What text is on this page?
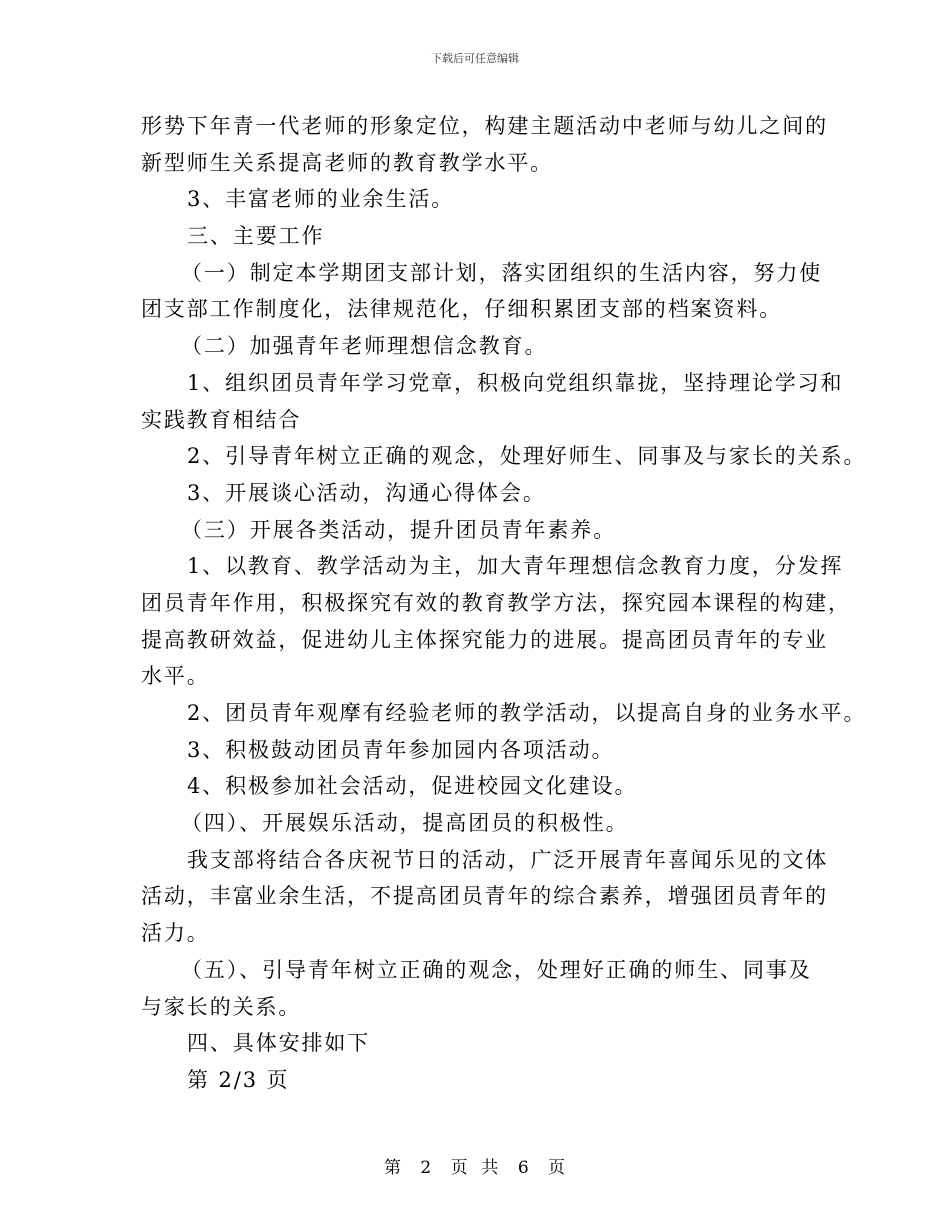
下载后可任意编辑
形势下年青一代老师的形象定位，构建主题活动中老师与幼儿之间的
新型师生关系提高老师的教育教学水平。
3、丰富老师的业余生活。
三、主要工作
（一）制定本学期团支部计划，落实团组织的生活内容，努力使
团支部工作制度化，法律规范化，仔细积累团支部的档案资料。
（二）加强青年老师理想信念教育。
1、组织团员青年学习党章，积极向党组织靠拢，坚持理论学习和
实践教育相结合
2、引导青年树立正确的观念，处理好师生、同事及与家长的关系。
3、开展谈心活动，沟通心得体会。
（三）开展各类活动，提升团员青年素养。
1、以教育、教学活动为主，加大青年理想信念教育力度，分发挥
团员青年作用，积极探究有效的教育教学方法，探究园本课程的构建，
提高教研效益，促进幼儿主体探究能力的进展。提高团员青年的专业
水平。
2、团员青年观摩有经验老师的教学活动，以提高自身的业务水平。
3、积极鼓动团员青年参加园内各项活动。
4、积极参加社会活动，促进校园文化建设。
（四）、开展娱乐活动，提高团员的积极性。
我支部将结合各庆祝节日的活动，广泛开展青年喜闻乐见的文体
活动，丰富业余生活，不提高团员青年的综合素养，增强团员青年的
活力。
（五）、引导青年树立正确的观念，处理好正确的师生、同事及
与家长的关系。
四、具体安排如下
第 2/3 页
第 2 页  共 6 页
